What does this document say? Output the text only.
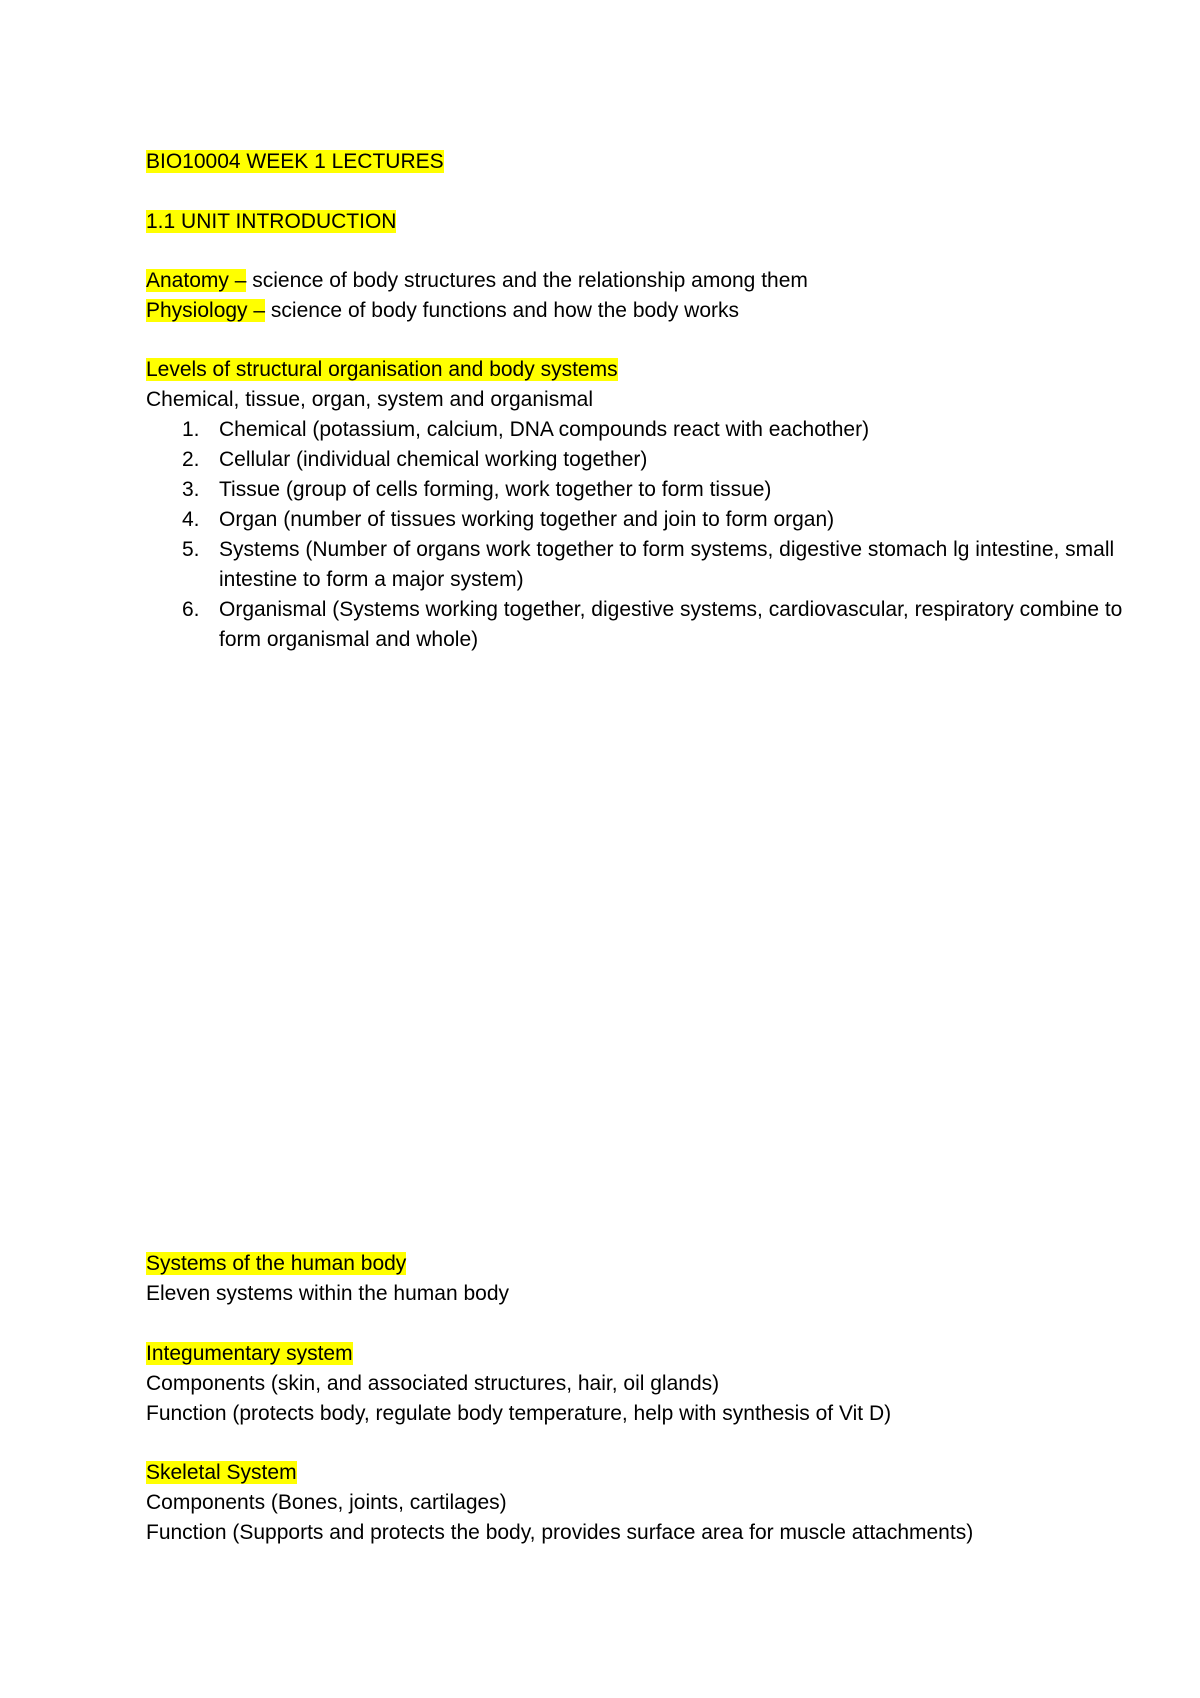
BIO10004 WEEK 1 LECTURES
1.1 UNIT INTRODUCTION

Anatomy – science of body structures and the relationship among them

Physiology – science of body functions and how the body works

Levels of structural organisation and body systems

Chemical, tissue, organ, system and organismal

1. Chemical (potassium, calcium, DNA compounds react with eachother)
2. Cellular (individual chemical working together)
3. Tissue (group of cells forming, work together to form tissue)
4. Organ (number of tissues working together and join to form organ)
5. Systems (Number of organs work together to form systems, digestive stomach lg intestine, small intestine to form a major system)
6. Organismal (Systems working together, digestive systems, cardiovascular, respiratory combine to form organismal and whole)

Systems of the human body

Eleven systems within the human body

Integumentary system

Components (skin, and associated structures, hair, oil glands)

Function (protects body, regulate body temperature, help with synthesis of Vit D)

Skeletal System

Components (Bones, joints, cartilages)

Function (Supports and protects the body, provides surface area for muscle attachments)
